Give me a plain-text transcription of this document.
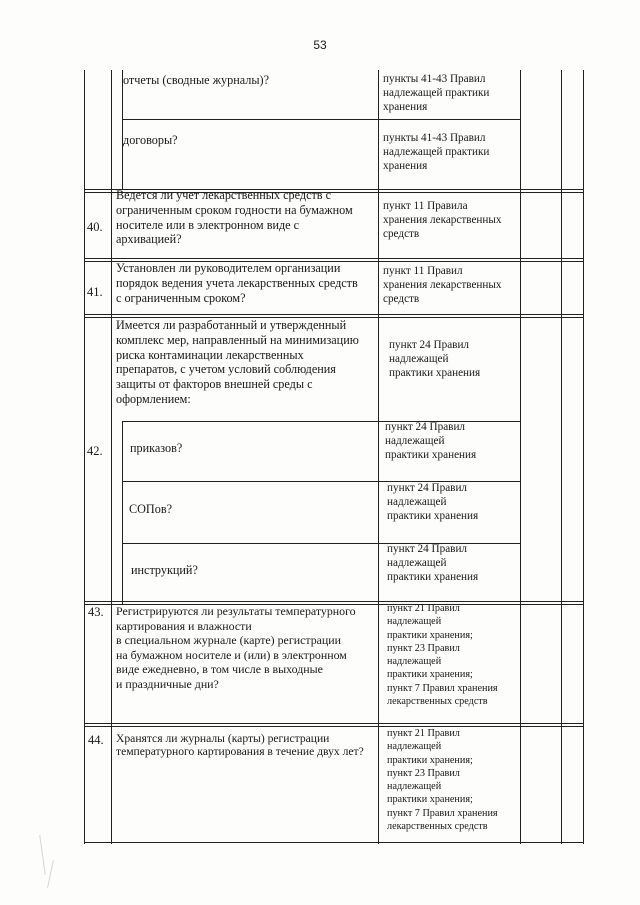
53
отчеты (сводные журналы)?	пункты 41-43 Правил
надлежащей практики
хранения
договоры?	пункты 41-43 Правил
надлежащей практики
хранения
40.
Ведется ли учет лекарственных средств с
ограниченным сроком годности на бумажном
носителе или в электронном виде с
архивацией?
пункт 11 Правила
хранения лекарственных
средств
41.
Установлен ли руководителем организации
порядок ведения учета лекарственных средств
с ограниченным сроком?
пункт 11 Правил
хранения лекарственных
средств
42.
Имеется ли разработанный и утвержденный
комплекс мер, направленный на минимизацию
риска контаминации лекарственных
препаратов, с учетом условий соблюдения
защиты от факторов внешней среды с
оформлением:
пункт 24 Правил
надлежащей
практики хранения
приказов?
пункт 24 Правил
надлежащей
практики хранения
СОПов?
пункт 24 Правил
надлежащей
практики хранения
инструкций?
пункт 24 Правил
надлежащей
практики хранения
43. Регистрируются ли результаты температурного
картирования и влажности
в специальном журнале (карте) регистрации
на бумажном носителе и (или) в электронном
виде ежедневно, в том числе в выходные
и праздничные дни?
пункт 21 Правил
надлежащей
практики хранения;
пункт 23 Правил
надлежащей
практики хранения;
пункт 7 Правил хранения
лекарственных средств
44. Хранятся ли журналы (карты) регистрации
температурного картирования в течение двух лет?
пункт 21 Правил
надлежащей
практики хранения;
пункт 23 Правил
надлежащей
практики хранения;
пункт 7 Правил хранения
лекарственных средств
